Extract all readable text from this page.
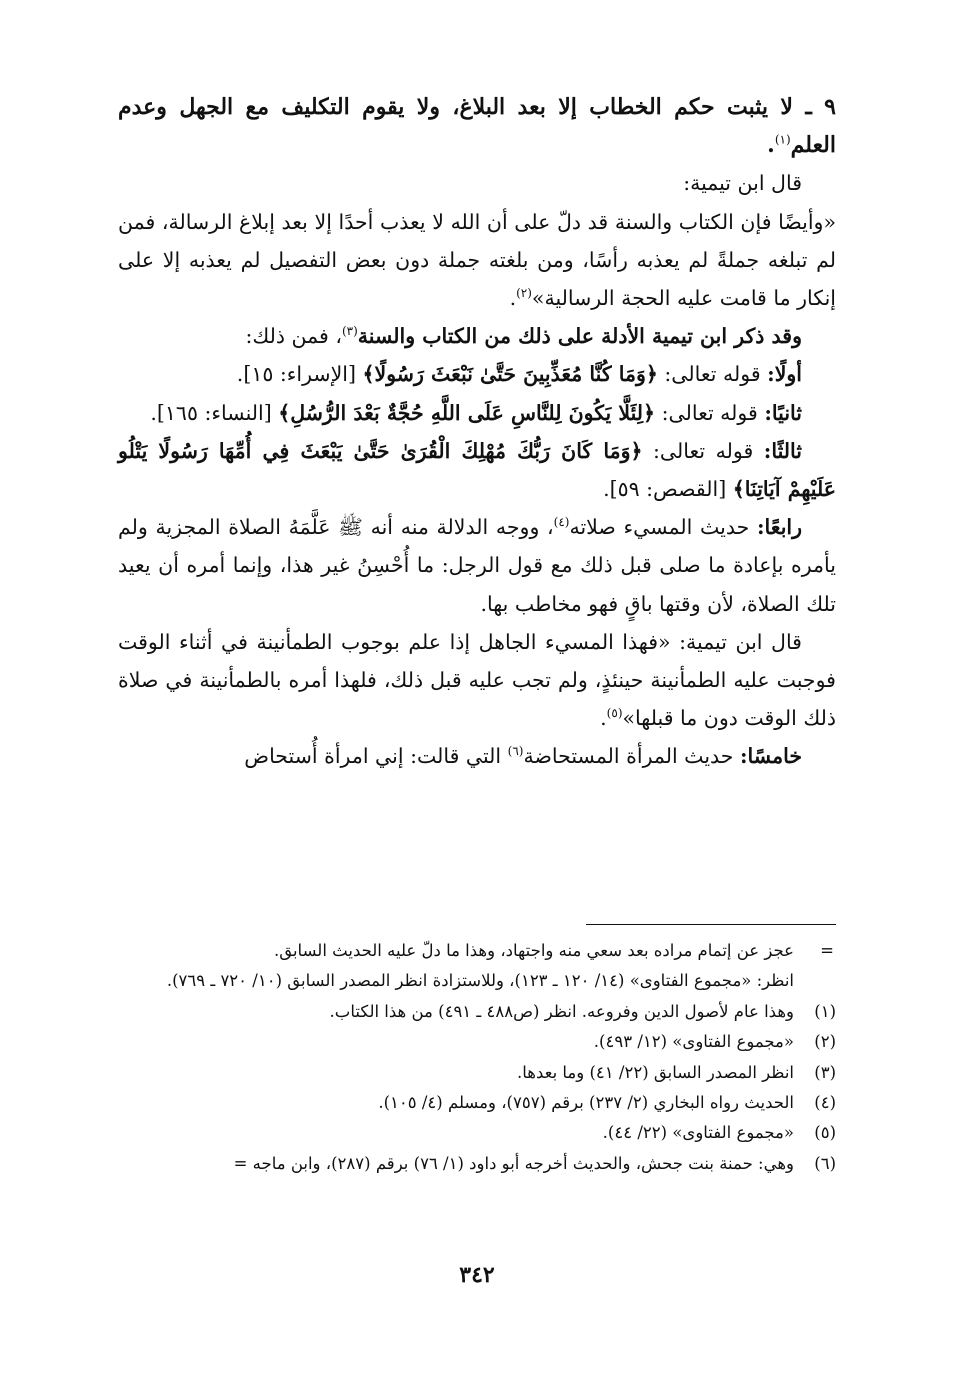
٩ ـ لا يثبت حكم الخطاب إلا بعد البلاغ، ولا يقوم التكليف مع الجهل وعدم العلم$^{(١)}$.

قال ابن تيمية:

«وأيضًا فإن الكتاب والسنة قد دلّ على أن الله لا يعذب أحدًا إلا بعد إبلاغ الرسالة، فمن لم تبلغه جملةً لم يعذبه رأسًا، ومن بلغته جملة دون بعض التفصيل لم يعذبه إلا على إنكار ما قامت عليه الحجة الرسالية»$^{(٢)}$.

وقد ذكر ابن تيمية الأدلة على ذلك من الكتاب والسنة$^{(٣)}$، فمن ذلك:

أولًا: قوله تعالى: ﴿وَمَا كُنَّا مُعَذِّبِينَ حَتَّىٰ نَبْعَثَ رَسُولًا﴾ [الإسراء: ١٥].

ثانيًا: قوله تعالى: ﴿لِئَلَّا يَكُونَ لِلنَّاسِ عَلَى اللَّهِ حُجَّةٌ بَعْدَ الرُّسُلِ﴾ [النساء: ١٦٥].

ثالثًا: قوله تعالى: ﴿وَمَا كَانَ رَبُّكَ مُهْلِكَ الْقُرَىٰ حَتَّىٰ يَبْعَثَ فِي أُمِّهَا رَسُولًا يَتْلُو عَلَيْهِمْ آيَاتِنَا﴾ [القصص: ٥٩].

رابعًا: حديث المسيء صلاته$^{(٤)}$، ووجه الدلالة منه أنه ﷺ عَلَّمَهُ الصلاة المجزية ولم يأمره بإعادة ما صلى قبل ذلك مع قول الرجل: ما أُحْسِنُ غير هذا، وإنما أمره أن يعيد تلك الصلاة، لأن وقتها باقٍ فهو مخاطب بها.

قال ابن تيمية: «فهذا المسيء الجاهل إذا علم بوجوب الطمأنينة في أثناء الوقت فوجبت عليه الطمأنينة حينئذٍ، ولم تجب عليه قبل ذلك، فلهذا أمره بالطمأنينة في صلاة ذلك الوقت دون ما قبلها»$^{(٥)}$.

خامسًا: حديث المرأة المستحاضة$^{(٦)}$ التي قالت: إني امرأة أُستحاض

=
عجز عن إتمام مراده بعد سعي منه واجتهاد، وهذا ما دلّ عليه الحديث السابق.
انظر: «مجموع الفتاوى» (١٤/ ١٢٠ ـ ١٢٣)، وللاستزادة انظر المصدر السابق (١٠/ ٧٢٠ ـ ٧٦٩).
(١)
وهذا عام لأصول الدين وفروعه. انظر (ص٤٨٨ ـ ٤٩١) من هذا الكتاب.
(٢)
«مجموع الفتاوى» (١٢/ ٤٩٣).
(٣)
انظر المصدر السابق (٢٢/ ٤١) وما بعدها.
(٤)
الحديث رواه البخاري (٢/ ٢٣٧) برقم (٧٥٧)، ومسلم (٤/ ١٠٥).
(٥)
«مجموع الفتاوى» (٢٢/ ٤٤).
(٦)
وهي: حمنة بنت جحش، والحديث أخرجه أبو داود (١/ ٧٦) برقم (٢٨٧)، وابن ماجه =
٣٤٢
